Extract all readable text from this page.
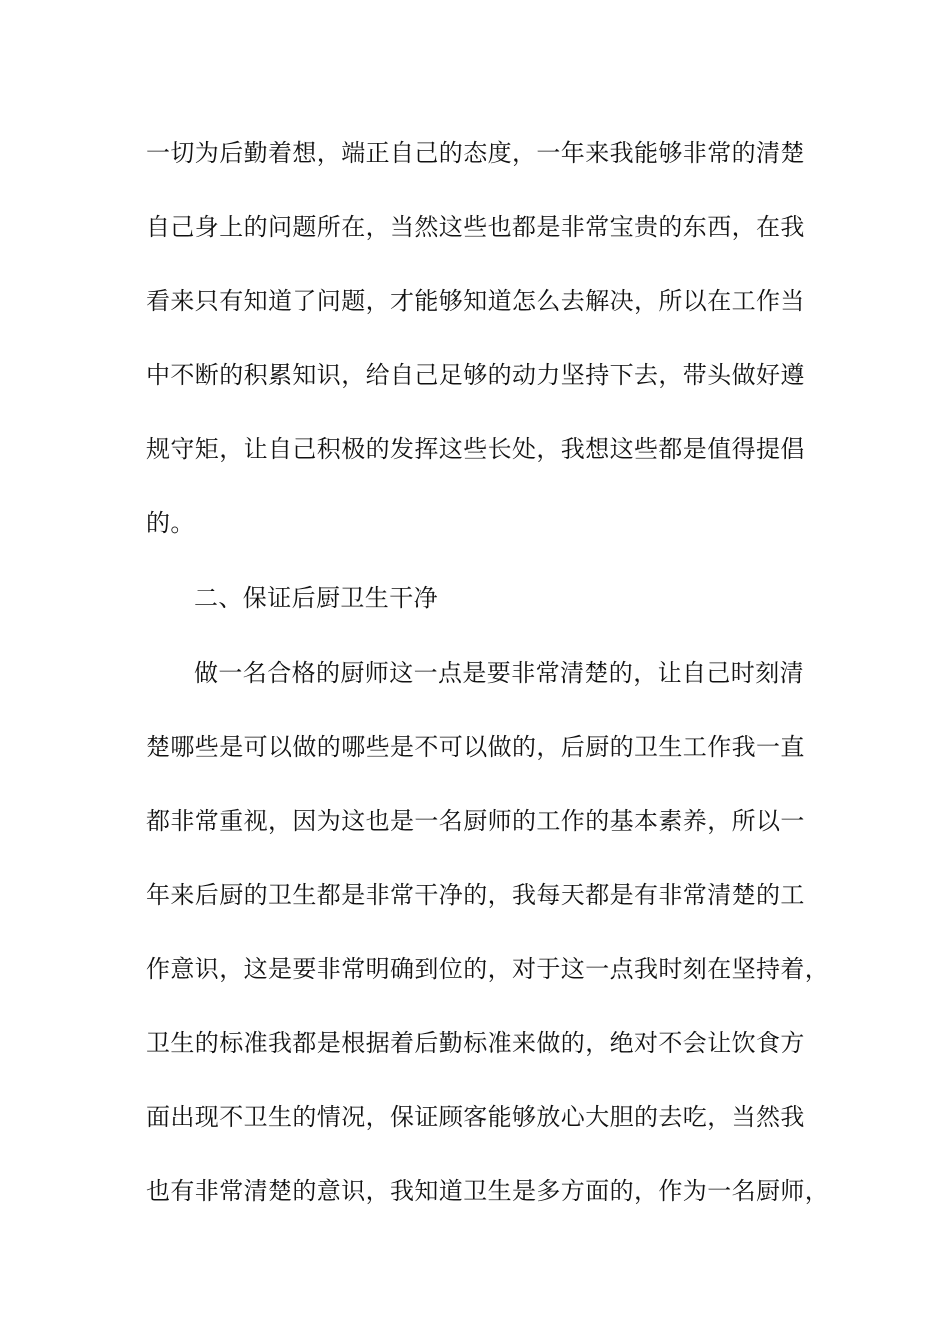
一切为后勤着想，端正自己的态度，一年来我能够非常的清楚
自己身上的问题所在，当然这些也都是非常宝贵的东西，在我
看来只有知道了问题，才能够知道怎么去解决，所以在工作当
中不断的积累知识，给自己足够的动力坚持下去，带头做好遵
规守矩，让自己积极的发挥这些长处，我想这些都是值得提倡
的。
二、保证后厨卫生干净
做一名合格的厨师这一点是要非常清楚的，让自己时刻清
楚哪些是可以做的哪些是不可以做的，后厨的卫生工作我一直
都非常重视，因为这也是一名厨师的工作的基本素养，所以一
年来后厨的卫生都是非常干净的，我每天都是有非常清楚的工
作意识，这是要非常明确到位的，对于这一点我时刻在坚持着，
卫生的标准我都是根据着后勤标准来做的，绝对不会让饮食方
面出现不卫生的情况，保证顾客能够放心大胆的去吃，当然我
也有非常清楚的意识，我知道卫生是多方面的，作为一名厨师，
